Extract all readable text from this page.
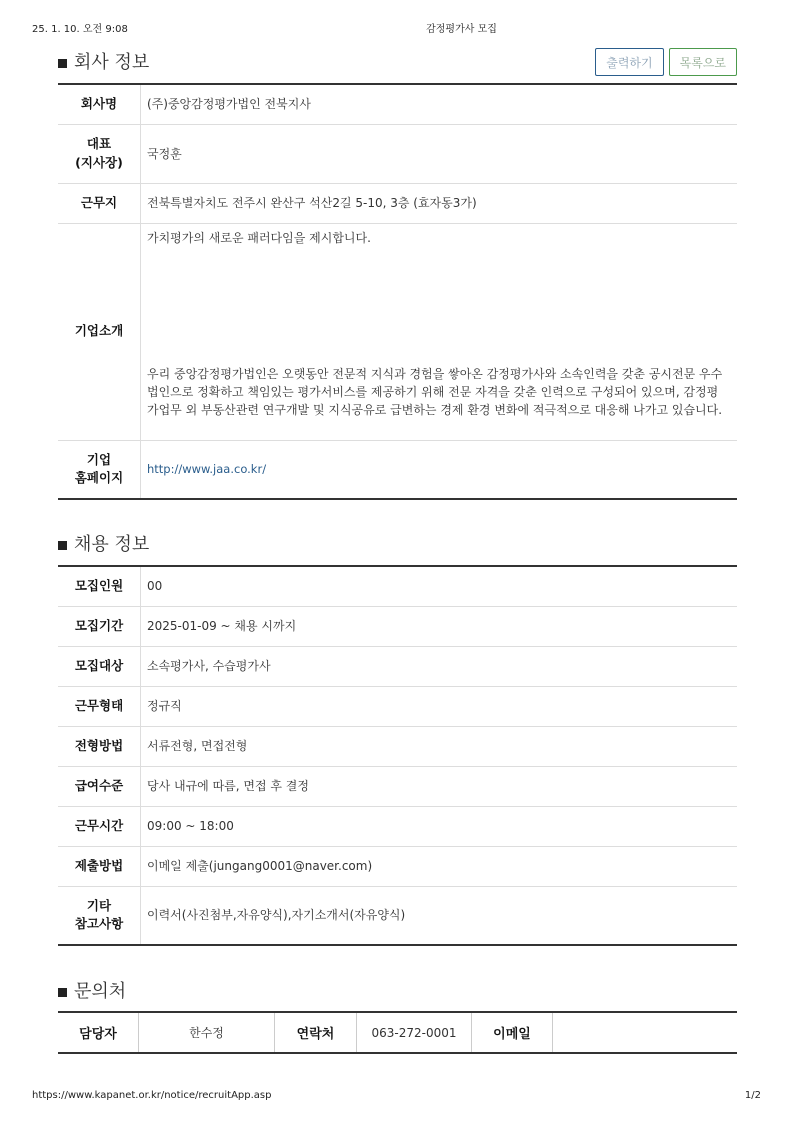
25. 1. 10. 오전 9:08	감정평가사 모집
회사 정보	출력하기	목록으로
회사명	(주)중앙감정평가법인 전북지사

대표
(지사장)	국정훈
근무지	전북특별자치도 전주시 완산구 석산2길 5-10, 3층 (효자동3가)
기업소개	가치평가의 새로운 패러다임을 제시합니다.
우리 중앙감정평가법인은 오랫동안 전문적 지식과 경험을 쌓아온 감정평가사와 소속인력을 갖춘 공시전문 우수법인으로 정확하고 책임있는 평가서비스를 제공하기 위해 전문 자격을 갖춘 인력으로 구성되어 있으며, 감정평가업무 외 부동산관련 연구개발 및 지식공유로 급변하는 경제 환경 변화에 적극적으로 대응해 나가고 있습니다.

기업
홈페이지	http://www.jaa.co.kr/
채용 정보
모집인원	00
모집기간	2025-01-09 ~ 채용 시까지
모집대상	소속평가사, 수습평가사
근무형태	정규직
전형방법	서류전형, 면접전형
급여수준	당사 내규에 따름, 면접 후 결정
근무시간	09:00 ~ 18:00
제출방법	이메일 제출(jungang0001@naver.com)

기타
참고사항	이력서(사진첨부,자유양식),자기소개서(자유양식)
문의처
담당자	한수정	연락처	063-272-0001	이메일	
https://www.kapanet.or.kr/notice/recruitApp.asp	1/2
